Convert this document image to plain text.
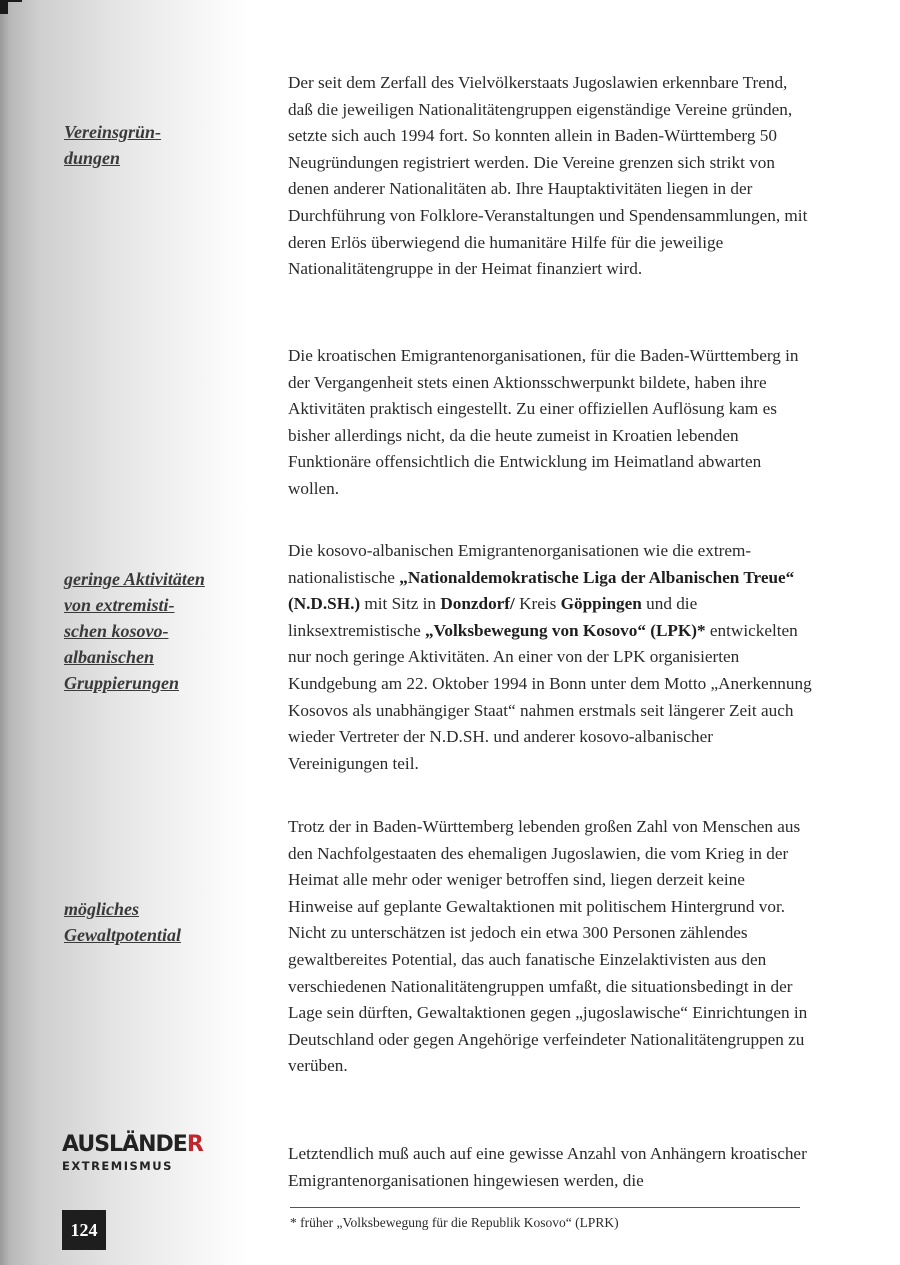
Vereinsgrün-
dungen
geringe Aktivitäten
von extremisti-
schen kosovo-
albanischen
Gruppierungen
mögliches
Gewaltpotential

Der seit dem Zerfall des Vielvölkerstaats Jugoslawien erkennbare Trend, daß die jeweiligen Nationalitätengruppen eigenständige Vereine gründen, setzte sich auch 1994 fort. So konnten allein in Baden-Württemberg 50 Neugründungen registriert werden. Die Vereine grenzen sich strikt von denen anderer Nationalitäten ab. Ihre Hauptaktivitäten liegen in der Durchführung von Folklore-Veranstaltungen und Spendensammlungen, mit deren Erlös überwiegend die humanitäre Hilfe für die jeweilige Nationalitätengruppe in der Heimat finanziert wird.

Die kroatischen Emigrantenorganisationen, für die Baden-Württemberg in der Vergangenheit stets einen Aktionsschwerpunkt bildete, haben ihre Aktivitäten praktisch eingestellt. Zu einer offiziellen Auflösung kam es bisher allerdings nicht, da die heute zumeist in Kroatien lebenden Funktionäre offensichtlich die Entwicklung im Heimatland abwarten wollen.

Die kosovo-albanischen Emigrantenorganisationen wie die extrem-nationalistische „Nationaldemokratische Liga der Albanischen Treue“ (N.D.SH.) mit Sitz in Donzdorf/ Kreis Göppingen und die linksextremistische „Volksbewegung von Kosovo“ (LPK)* entwickelten nur noch geringe Aktivitäten. An einer von der LPK organisierten Kundgebung am 22. Oktober 1994 in Bonn unter dem Motto „Anerkennung Kosovos als unabhängiger Staat“ nahmen erstmals seit längerer Zeit auch wieder Vertreter der N.D.SH. und anderer kosovo-albanischer Vereinigungen teil.

Trotz der in Baden-Württemberg lebenden großen Zahl von Menschen aus den Nachfolgestaaten des ehemaligen Jugoslawien, die vom Krieg in der Heimat alle mehr oder weniger betroffen sind, liegen derzeit keine Hinweise auf geplante Gewaltaktionen mit politischem Hintergrund vor. Nicht zu unterschätzen ist jedoch ein etwa 300 Personen zählendes gewaltbereites Potential, das auch fanatische Einzelaktivisten aus den verschiedenen Nationalitätengruppen umfaßt, die situationsbedingt in der Lage sein dürften, Gewaltaktionen gegen „jugoslawische“ Einrichtungen in Deutschland oder gegen Angehörige verfeindeter Nationalitätengruppen zu verüben.

Letztendlich muß auch auf eine gewisse Anzahl von Anhängern kroatischer Emigrantenorganisationen hingewiesen werden, die

AUSLÄNDER
EXTREMISMUS
124	* früher „Volksbewegung für die Republik Kosovo“ (LPRK)
